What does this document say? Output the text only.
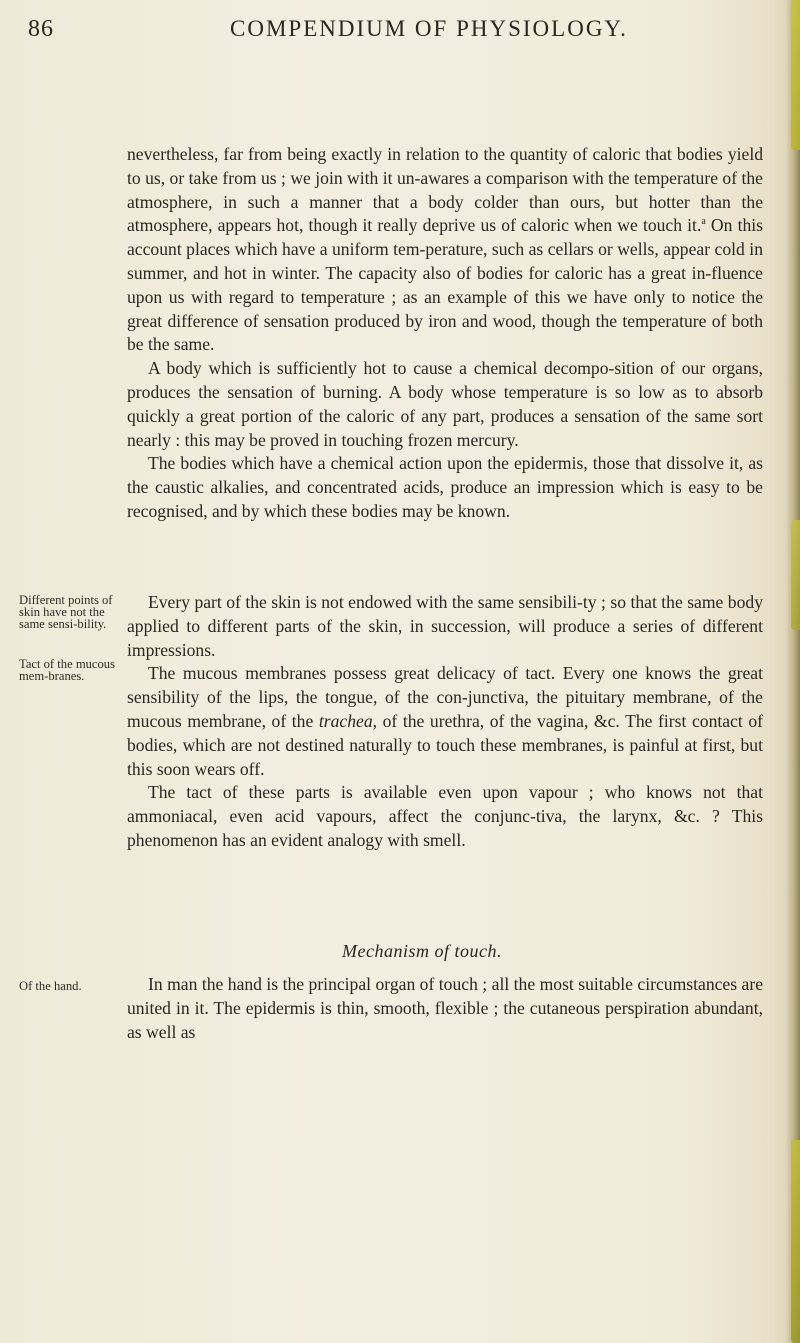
86	COMPENDIUM OF PHYSIOLOGY.

nevertheless, far from being exactly in relation to the quantity of caloric that bodies yield to us, or take from us ; we join with it un-awares a comparison with the temperature of the atmosphere, in such a manner that a body colder than ours, but hotter than the atmosphere, appears hot, though it really deprive us of caloric when we touch it.$^a$ On this account places which have a uniform tem-perature, such as cellars or wells, appear cold in summer, and hot in winter. The capacity also of bodies for caloric has a great in-fluence upon us with regard to temperature ; as an example of this we have only to notice the great difference of sensation produced by iron and wood, though the temperature of both be the same.

A body which is sufficiently hot to cause a chemical decompo-sition of our organs, produces the sensation of burning. A body whose temperature is so low as to absorb quickly a great portion of the caloric of any part, produces a sensation of the same sort nearly : this may be proved in touching frozen mercury.

The bodies which have a chemical action upon the epidermis, those that dissolve it, as the caustic alkalies, and concentrated acids, produce an impression which is easy to be recognised, and by which these bodies may be known.

Different points of skin have not the same sensi-bility.

Every part of the skin is not endowed with the same sensibili-ty ; so that the same body applied to different parts of the skin, in succession, will produce a series of different impressions.

The mucous membranes possess great delicacy of tact. Every one knows the great sensibility of the lips, the tongue, of the con-junctiva, the pituitary membrane, of the mucous membrane, of the trachea, of the urethra, of the vagina, &c. The first contact of bodies, which are not destined naturally to touch these membranes, is painful at first, but this soon wears off.

The tact of these parts is available even upon vapour ; who knows not that ammoniacal, even acid vapours, affect the conjunc-tiva, the larynx, &c. ? This phenomenon has an evident analogy with smell.

Tact of the mucous mem-branes.
Mechanism of touch.
Of the hand.	In man the hand is the principal organ of touch ; all the most suitable circumstances are united in it. The epidermis is thin, smooth, flexible ; the cutaneous perspiration abundant, as well as
